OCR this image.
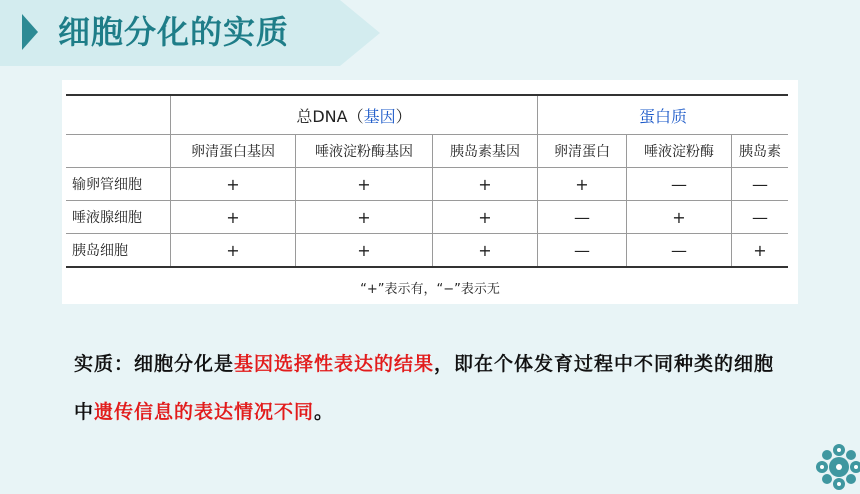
细胞分化的实质
	总DNA（基因）			蛋白质		
	卵清蛋白基因	唾液淀粉酶基因	胰岛素基因	卵清蛋白	唾液淀粉酶	胰岛素
输卵管细胞	+	+	+	+	—	—
唾液腺细胞	+	+	+	—	+	—
胰岛细胞	+	+	+	—	—	+
“+”表示有，“−”表示无
实质：细胞分化是基因选择性表达的结果，即在个体发育过程中不同种类的细胞中遗传信息的表达情况不同。
